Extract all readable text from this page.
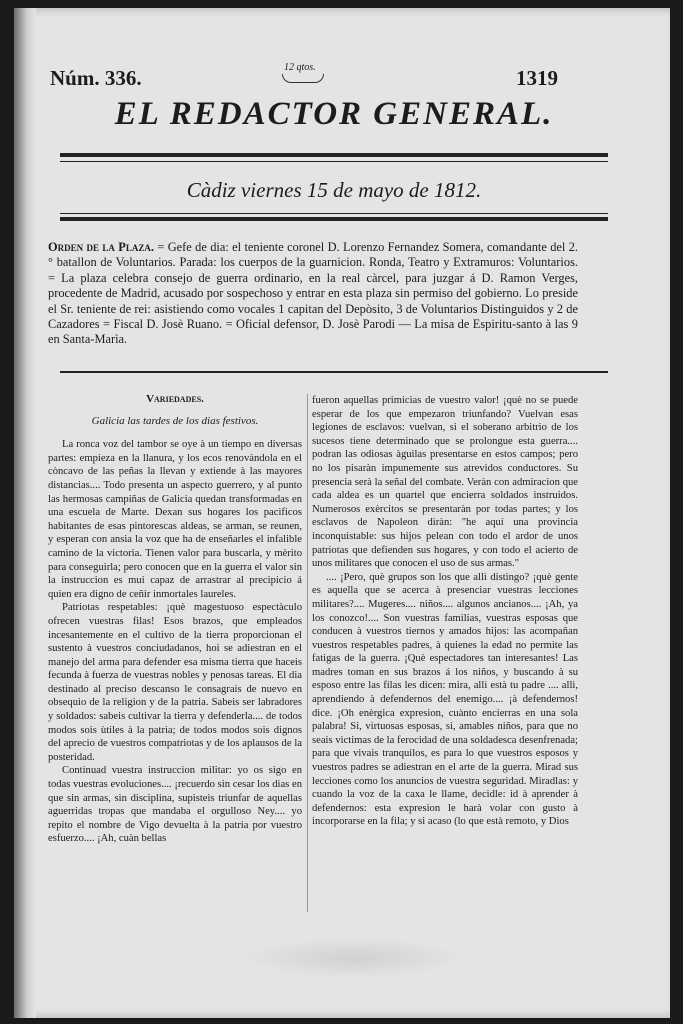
Núm. 336.	12 qtos.	1319
EL REDACTOR GENERAL.
Càdiz viernes 15 de mayo de 1812.
Orden de la Plaza. = Gefe de dia: el teniente coronel D. Lorenzo Fernandez Somera, comandante del 2.° batallon de Voluntarios. Parada: los cuerpos de la guarnicion. Ronda, Teatro y Extramuros: Voluntarios. = La plaza celebra consejo de guerra ordinario, en la real càrcel, para juzgar á D. Ramon Verges, procedente de Madrid, acusado por sospechoso y entrar en esta plaza sin permiso del gobierno. Lo preside el Sr. teniente de rei: asistiendo como vocales 1 capitan del Depòsito, 3 de Voluntarios Distinguidos y 2 de Cazadores = Fiscal D. Josè Ruano. = Oficial defensor, D. Josè Parodi — La misa de Espiritu-santo à las 9 en Santa-Marìa.
Variedades.
Galicia las tardes de los dias festivos.

La ronca voz del tambor se oye à un tiempo en diversas partes: empieza en la llanura, y los ecos renovàndola en el còncavo de las peñas la llevan y extiende à las mayores distancias.... Todo presenta un aspecto guerrero, y al punto las hermosas campiñas de Galicia quedan transformadas en una escuela de Marte. Dexan sus hogares los pacìficos habitantes de esas pintorescas aldeas, se arman, se reunen, y esperan con ansia la voz que ha de enseñarles el infalible camino de la victoria. Tienen valor para buscarla, y mèrito para conseguirla; pero conocen que en la guerra el valor sin la instruccion es mui capaz de arrastrar al precipicio á quien era digno de ceñir inmortales laureles.

Patriotas respetables: ¡què magestuoso espectàculo ofrecen vuestras filas! Esos brazos, que empleados incesantemente en el cultivo de la tierra proporcionan el sustento à vuestros conciudadanos, hoi se adiestran en el manejo del arma para defender esa misma tierra que haceis fecunda à fuerza de vuestras nobles y penosas tareas. El dia destinado al preciso descanso le consagrais de nuevo en obsequio de la religion y de la patria. Sabeis ser labradores y soldados: sabeis cultivar la tierra y defenderla.... de todos modos sois ùtiles à la patria; de todos modos sois dignos del aprecio de vuestros compatriotas y de los aplausos de la posteridad.

Continuad vuestra instruccion militar: yo os sigo en todas vuestras evoluciones.... ¡recuerdo sin cesar los dias en que sin armas, sin disciplina, supisteis triunfar de aquellas aguerridas tropas que mandaba el orgulloso Ney.... yo repito el nombre de Vigo devuelta à la patria por vuestro esfuerzo.... ¡Ah, cuàn bellas

fueron aquellas primicias de vuestro valor! ¡què no se puede esperar de los que empezaron triunfando? Vuelvan esas legiones de esclavos: vuelvan, si el soberano arbitrio de los sucesos tiene determinado que se prolongue esta guerra.... podran las odiosas àguilas presentarse en estos campos; pero no los pisaràn impunemente sus atrevidos conductores. Su presencia serà la señal del combate. Veràn con admiracion que cada aldea es un quartel que encierra soldados instruidos. Numerosos exèrcitos se presentaràn por todas partes; y los esclavos de Napoleon diràn: "he aquí una provincia inconquistable: sus hijos pelean con todo el ardor de unos patriotas que defienden sus hogares, y con todo el acierto de unos militares que conocen el uso de sus armas."

.... ¡Pero, què grupos son los que allì distingo? ¡què gente es aquella que se acerca à presenciar vuestras lecciones militares?.... Mugeres.... niños.... algunos ancianos.... ¡Ah, ya los conozco!.... Son vuestras familias, vuestras esposas que conducen à vuestros tiernos y amados hijos: las acompañan vuestros respetables padres, à quienes la edad no permite las fatigas de la guerra. ¡Què espectadores tan interesantes! Las madres toman en sus brazos á los niños, y buscando à su esposo entre las filas les dicen: mira, allì està tu padre .... allì, aprendiendo à defendernos del enemigo.... ¡à defendernos! dice. ¡Oh enèrgica expresion, cuànto encierras en una sola palabra! Si, virtuosas esposas, si, amables niños, para que no seais vìctimas de la ferocidad de una soldadesca desenfrenada; para que vivais tranquilos, es para lo que vuestros esposos y vuestros padres se adiestran en el arte de la guerra. Mirad sus lecciones como los anuncios de vuestra seguridad. Miradlas: y cuando la voz de la caxa le llame, decidle: id à aprender à defendernos: esta expresion le harà volar con gusto à incorporarse en la fila; y si acaso (lo que està remoto, y Dios
